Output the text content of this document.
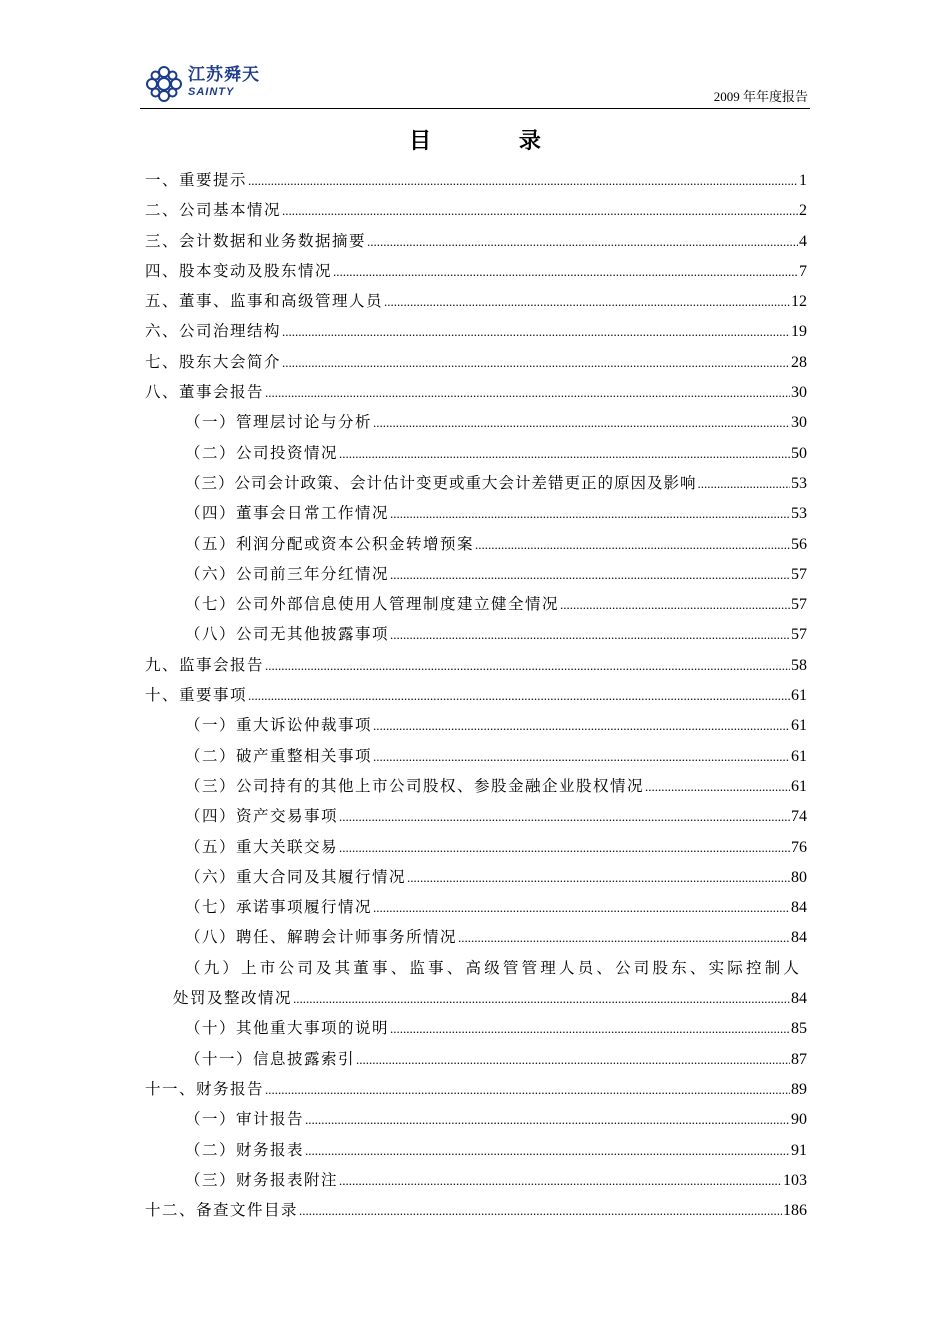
江苏舜天
SAINTY	2009 年年度报告
目 录
一、重要提示 .....	1
二、公司基本情况 .....	2
三、会计数据和业务数据摘要 .....	4
四、股本变动及股东情况 .....	7
五、董事、监事和高级管理人员 .....	12
六、公司治理结构 .....	19
七、股东大会简介 .....	28
八、董事会报告 .....	30
（一）管理层讨论与分析 .....	30
（二）公司投资情况 .....	50
（三）公司会计政策、会计估计变更或重大会计差错更正的原因及影响 .....	53
（四）董事会日常工作情况 .....	53
（五）利润分配或资本公积金转增预案 .....	56
（六）公司前三年分红情况 .....	57
（七）公司外部信息使用人管理制度建立健全情况 .....	57
（八）公司无其他披露事项 .....	57
九、监事会报告 .....	58
十、重要事项 .....	61
（一）重大诉讼仲裁事项 .....	61
（二）破产重整相关事项 .....	61
（三）公司持有的其他上市公司股权、参股金融企业股权情况 .....	61
（四）资产交易事项 .....	74
（五）重大关联交易 .....	76
（六）重大合同及其履行情况 .....	80
（七）承诺事项履行情况 .....	84
（八）聘任、解聘会计师事务所情况 .....	84
（九）上市公司及其董事、监事、高级管管理人员、公司股东、实际控制人
处罚及整改情况 .....	84
（十）其他重大事项的说明 .....	85
（十一）信息披露索引 .....	87
十一、财务报告 .....	89
（一）审计报告 .....	90
（二）财务报表 .....	91
（三）财务报表附注 .....	103
十二、备查文件目录 .....	186
